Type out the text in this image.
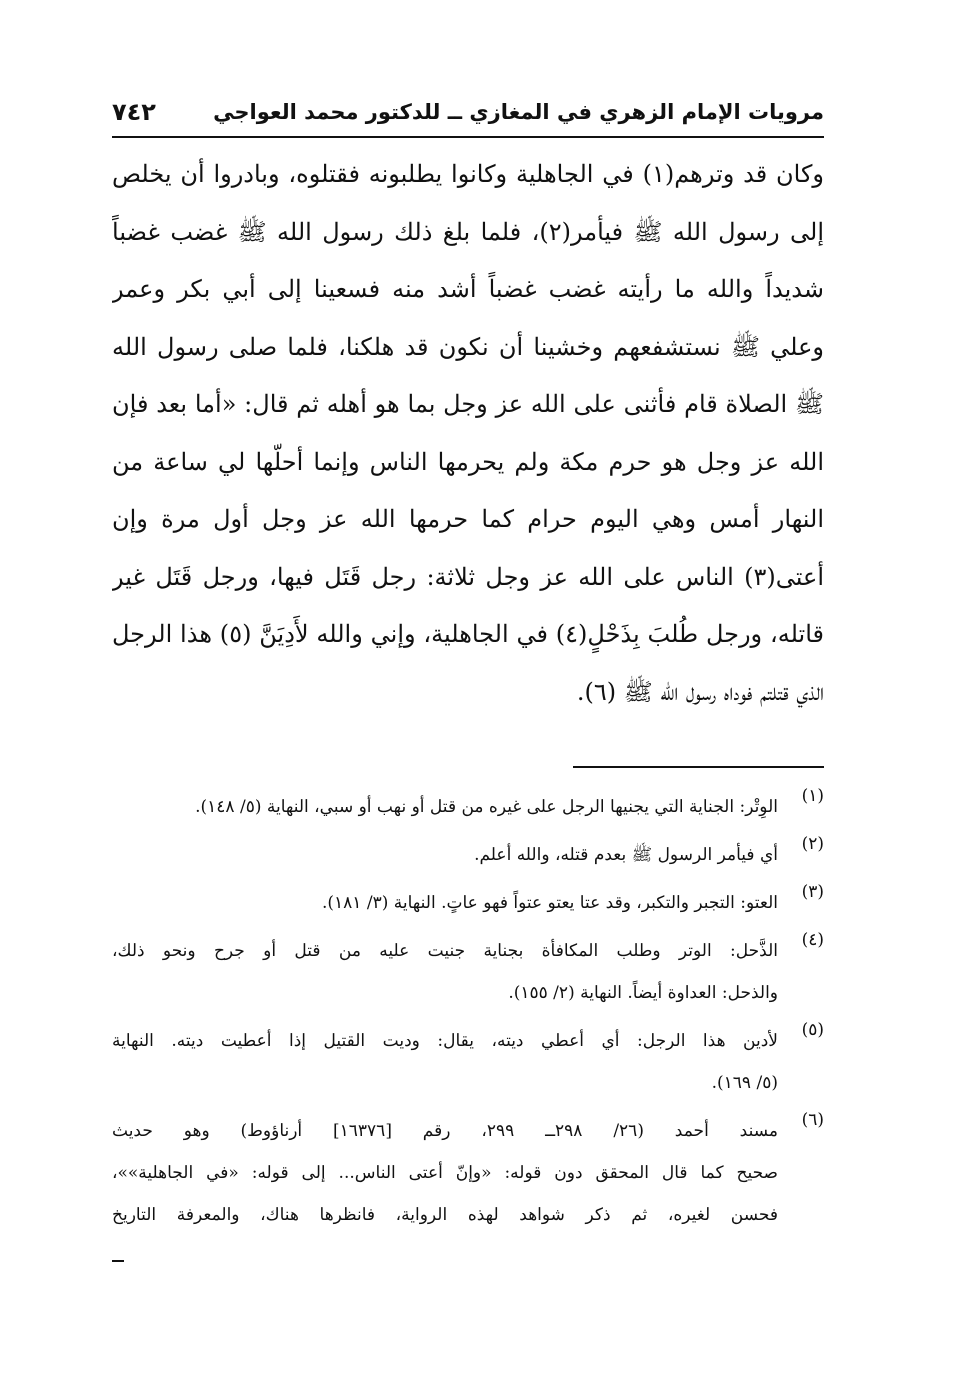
مرويات الإمام الزهري في المغازي ــ للدكتور محمد العواجي
٧٤٢
وكان قد وترهم(١) في الجاهلية وكانوا يطلبونه فقتلوه، وبادروا أن يخلص
إلى رسول الله ﷺ فيأمر(٢)، فلما بلغ ذلك رسول الله ﷺ غضب غضباً
شديداً والله ما رأيته غضب غضباً أشد منه فسعينا إلى أبي بكر وعمر
وعلي ﷺ نستشفعهم وخشينا أن نكون قد هلكنا، فلما صلى رسول الله
ﷺ الصلاة قام فأثنى على الله عز وجل بما هو أهله ثم قال: «أما بعد فإن
الله عز وجل هو حرم مكة ولم يحرمها الناس وإنما أحلّها لي ساعة من
النهار أمس وهي اليوم حرام كما حرمها الله عز وجل أول مرة وإن
أعتى(٣) الناس على الله عز وجل ثلاثة: رجل قَتَل فيها، ورجل قَتَل غير
قاتله، ورجل طُلبَ بِذَحْلٍ(٤) في الجاهلية، وإني والله لأَدِيَنَّ (٥) هذا الرجل
الذي قتلتم فوداه رسول الله ﷺ (٦).
(١)
الوِتْر: الجناية التي يجنيها الرجل على غيره من قتل أو نهب أو سبي، النهاية (٥/ ١٤٨).
(٢)
أي فيأمر الرسول ﷺ بعدم قتله، والله أعلم.
(٣)
العتو: التجبر والتكبر، وقد عتا يعتو عتواً فهو عاتٍ. النهاية (٣/ ١٨١).
(٤)
الذَّحل: الوتر وطلب المكافأة بجناية جنيت عليه من قتل أو جرح ونحو ذلك،
والذحل: العداوة أيضاً. النهاية (٢/ ١٥٥).
(٥)
لأدين هذا الرجل: أي أعطي ديته، يقال: وديت القتيل إذا أعطيت ديته. النهاية
(٥/ ١٦٩).
(٦)
مسند أحمد (٢٦/ ٢٩٨ــ ٢٩٩، رقم [١٦٣٧٦] أرناؤوط) وهو حديث
صحيح كما قال المحقق دون قوله: «وإنّ أعتى الناس... إلى قوله: «في الجاهلية»»،
فحسن لغيره، ثم ذكر شواهد لهذه الرواية، فانظرها هناك، والمعرفة التاريخ
